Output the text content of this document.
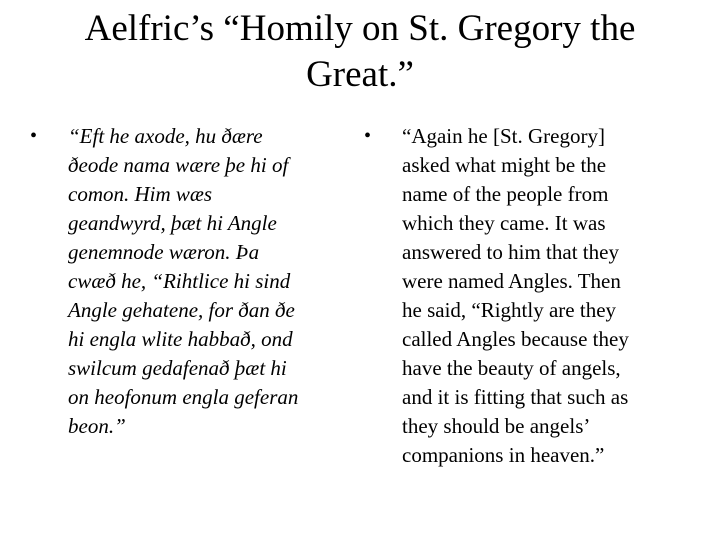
Aelfric’s “Homily on St. Gregory the
Great.”
• “Eft he axode, hu ðære
ðeode nama wære þe hi of
comon. Him wæs
geandwyrd, þæt hi Angle
genemnode wæron. Þa
cwæð he, “Rihtlice hi sind
Angle gehatene, for ðan ðe
hi engla wlite habbað, ond
swilcum gedafenað þæt hi
on heofonum engla geferan
beon.”

• “Again he [St. Gregory]
asked what might be the
name of the people from
which they came. It was
answered to him that they
were named Angles. Then
he said, “Rightly are they
called Angles because they
have the beauty of angels,
and it is fitting that such as
they should be angels’
companions in heaven.”
